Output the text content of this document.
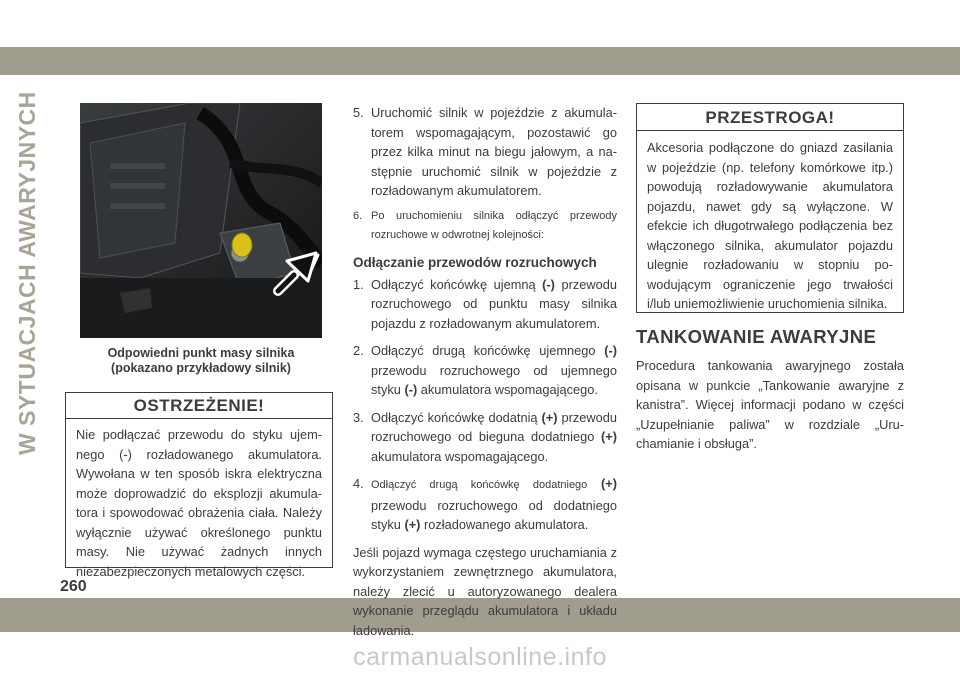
W SYTUACJACH AWARYJNYCH	Odpowiedni punkt masy silnika
(pokazano przykładowy silnik)
OSTRZEŻENIE!
Nie podłączać przewodu do styku ujemnego (-) rozładowanego akumulatora. Wywołana w ten sposób iskra elektryczna może doprowadzić do eksplozji akumulatora i spowodować obrażenia ciała. Należy wyłącznie używać określonego punktu masy. Nie używać żadnych innych niezabezpieczonych metalowych części.
5. Uruchomić silnik w pojeździe z akumulatorem wspomagającym, pozostawić go przez kilka minut na biegu jałowym, a następnie uruchomić silnik w pojeździe z rozładowanym akumulatorem.
6. Po uruchomieniu silnika odłączyć przewody rozruchowe w odwrotnej kolejności:
Odłączanie przewodów rozruchowych
1. Odłączyć końcówkę ujemną (-) przewodu rozruchowego od punktu masy silnika pojazdu z rozładowanym akumulatorem.
2. Odłączyć drugą końcówkę ujemnego (-) przewodu rozruchowego od ujemnego styku (-) akumulatora wspomagającego.
3. Odłączyć końcówkę dodatnią (+) przewodu rozruchowego od bieguna dodatniego (+) akumulatora wspomagającego.
4. Odłączyć drugą końcówkę dodatniego (+) przewodu rozruchowego od dodatniego styku (+) rozładowanego akumulatora.

Jeśli pojazd wymaga częstego uruchamiania z wykorzystaniem zewnętrznego akumulatora, należy zlecić u autoryzowanego dealera wykonanie przeglądu akumulatora i układu ładowania.

PRZESTROGA!
Akcesoria podłączone do gniazd zasilania w pojeździe (np. telefony komórkowe itp.) powodują rozładowywanie akumulatora pojazdu, nawet gdy są wyłączone. W efekcie ich długotrwałego podłączenia bez włączonego silnika, akumulator pojazdu ulegnie rozładowaniu w stopniu powodującym ograniczenie jego trwałości i/lub uniemożliwienie uruchomienia silnika.
TANKOWANIE AWARYJNE
Procedura tankowania awaryjnego została opisana w punkcie „Tankowanie awaryjne z kanistra”. Więcej informacji podano w części „Uzupełnianie paliwa” w rozdziale „Uruchamianie i obsługa”.
260
carmanualsonline.info
